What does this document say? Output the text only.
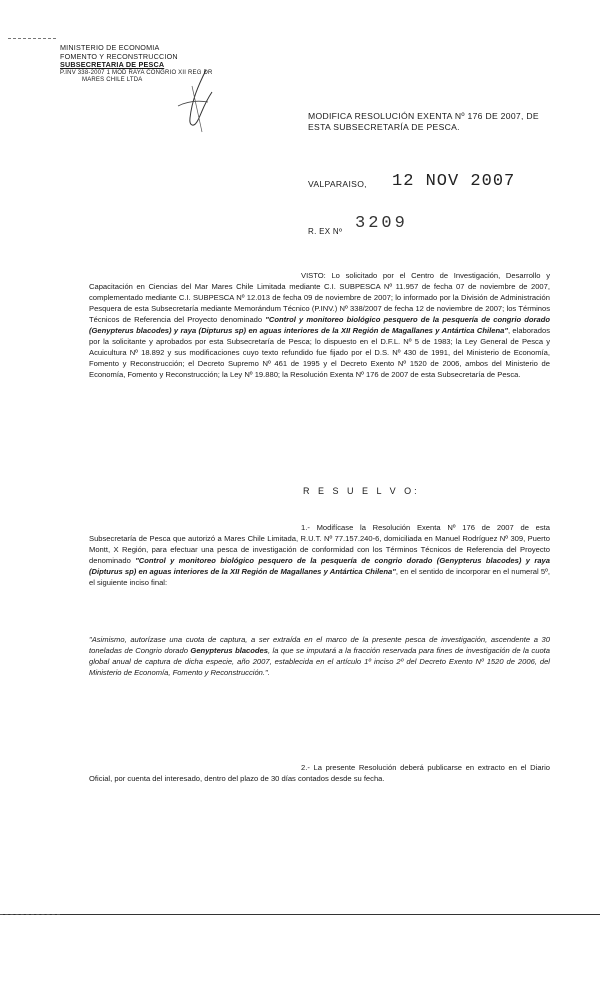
MINISTERIO DE ECONOMIA
FOMENTO Y RECONSTRUCCION
SUBSECRETARIA DE PESCA
P.INV 338-2007 1 MOD RAYA CONGRIO XII REG DR
MARES CHILE LTDA
MODIFICA RESOLUCIÓN EXENTA Nº 176 DE 2007, DE ESTA SUBSECRETARÍA DE PESCA.
VALPARAISO, 12 NOV 2007
R. EX Nº 3209
VISTO: Lo solicitado por el Centro de Investigación, Desarrollo y Capacitación en Ciencias del Mar Mares Chile Limitada mediante C.I. SUBPESCA Nº 11.957 de fecha 07 de noviembre de 2007, complementado mediante C.I. SUBPESCA Nº 12.013 de fecha 09 de noviembre de 2007; lo informado por la División de Administración Pesquera de esta Subsecretaría mediante Memorándum Técnico (P.INV.) Nº 338/2007 de fecha 12 de noviembre de 2007; los Términos Técnicos de Referencia del Proyecto denominado "Control y monitoreo biológico pesquero de la pesquería de congrio dorado (Genypterus blacodes) y raya (Dipturus sp) en aguas interiores de la XII Región de Magallanes y Antártica Chilena", elaborados por la solicitante y aprobados por esta Subsecretaría de Pesca; lo dispuesto en el D.F.L. Nº 5 de 1983; la Ley General de Pesca y Acuicultura Nº 18.892 y sus modificaciones cuyo texto refundido fue fijado por el D.S. Nº 430 de 1991, del Ministerio de Economía, Fomento y Reconstrucción; el Decreto Supremo Nº 461 de 1995 y el Decreto Exento Nº 1520 de 2006, ambos del Ministerio de Economía, Fomento y Reconstrucción; la Ley Nº 19.880; la Resolución Exenta Nº 176 de 2007 de esta Subsecretaría de Pesca.
R E S U E L V O:
1.- Modifícase la Resolución Exenta Nº 176 de 2007 de esta Subsecretaría de Pesca que autorizó a Mares Chile Limitada, R.U.T. Nº 77.157.240-6, domiciliada en Manuel Rodríguez Nº 309, Puerto Montt, X Región, para efectuar una pesca de investigación de conformidad con los Términos Técnicos de Referencia del Proyecto denominado "Control y monitoreo biológico pesquero de la pesquería de congrio dorado (Genypterus blacodes) y raya (Dipturus sp) en aguas interiores de la XII Región de Magallanes y Antártica Chilena", en el sentido de incorporar en el numeral 5º, el siguiente inciso final:
"Asimismo, autorízase una cuota de captura, a ser extraída en el marco de la presente pesca de investigación, ascendente a 30 toneladas de Congrio dorado Genypterus blacodes, la que se imputará a la fracción reservada para fines de investigación de la cuota global anual de captura de dicha especie, año 2007, establecida en el artículo 1º inciso 2º del Decreto Exento Nº 1520 de 2006, del Ministerio de Economía, Fomento y Reconstrucción.".
2.- La presente Resolución deberá publicarse en extracto en el Diario Oficial, por cuenta del interesado, dentro del plazo de 30 días contados desde su fecha.
